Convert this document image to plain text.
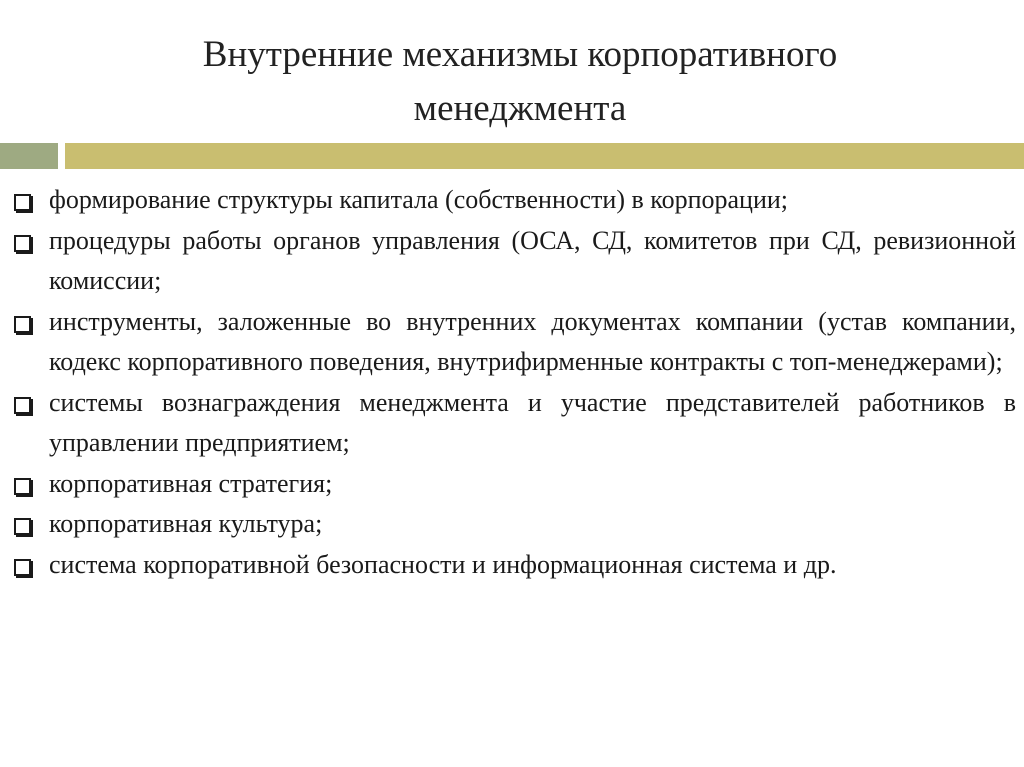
Внутренние механизмы корпоративного
менеджмента
формирование структуры капитала (собственности) в корпорации;
процедуры работы органов управления (ОСА, СД, комитетов при СД, ревизионной комиссии;
инструменты, заложенные во внутренних документах компании (устав компании, кодекс корпоративного поведения, внутрифирменные контракты с топ-менеджерами);
системы вознаграждения менеджмента и участие представителей работников в управлении предприятием;
корпоративная стратегия;
корпоративная культура;
система корпоративной безопасности и информационная система и др.
